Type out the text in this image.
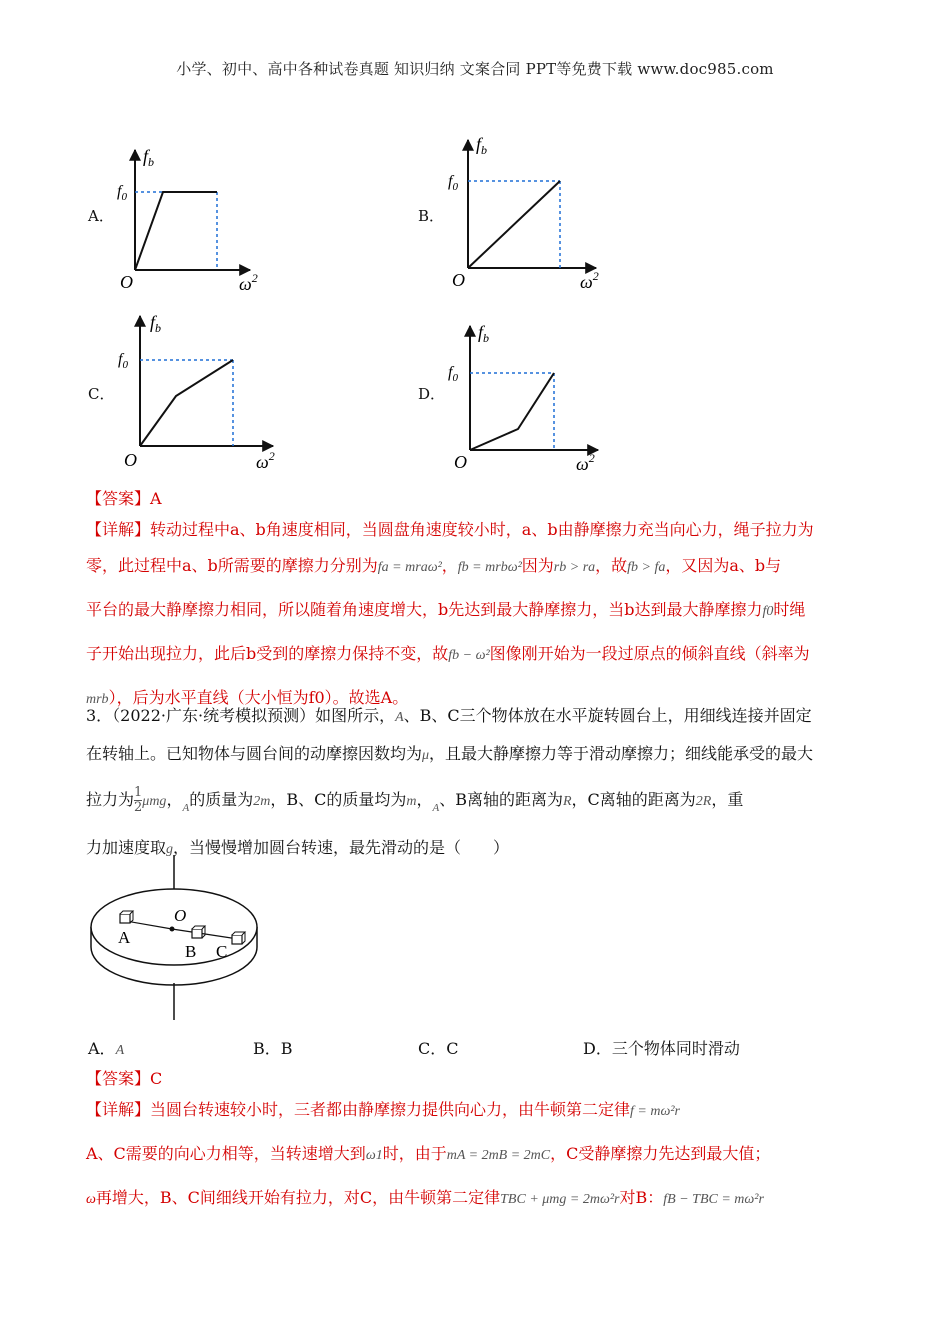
小学、初中、高中各种试卷真题 知识归纳 文案合同 PPT等免费下载 www.doc985.com
A．
$f_b$
$f_0$
O	$\omega^2$
B．
$f_b$
$f_0$
O	$\omega^2$
C．
$f_b$
$f_0$
O	$\omega^2$
D．
$f_b$
$f_0$
O	$\omega^2$
【答案】A

【详解】转动过程中a、b角速度相同，当圆盘角速度较小时，a、b由静摩擦力充当向心力，绳子拉力为

零，此过程中a、b所需要的摩擦力分别为fa = mraω²，fb = mrbω²因为rb > ra，故fb > fa，又因为a、b与

平台的最大静摩擦力相同，所以随着角速度增大，b先达到最大静摩擦力，当b达到最大静摩擦力f0时绳

子开始出现拉力，此后b受到的摩擦力保持不变，故fb − ω²图像刚开始为一段过原点的倾斜直线（斜率为

mrb），后为水平直线（大小恒为f0）。故选A。

3．（2022·广东·统考模拟预测）如图所示，A、B、C三个物体放在水平旋转圆台上，用细线连接并固定

在转轴上。已知物体与圆台间的动摩擦因数均为μ，且最大静摩擦力等于滑动摩擦力；细线能承受的最大

拉力为 $\frac{1}{2}$ μmg，$_A$的质量为2m，B、C的质量均为m，$_A$、B离轴的距离为R，C离轴的距离为2R，重

力加速度取g，当慢慢增加圆台转速，最先滑动的是（　　）

O
A
B C
A．A	B．B	C．C	D．三个物体同时滑动
【答案】C

【详解】当圆台转速较小时，三者都由静摩擦力提供向心力，由牛顿第二定律f = mω²r

A、C需要的向心力相等，当转速增大到ω1时，由于mA = 2mB = 2mC，C受静摩擦力先达到最大值；

ω再增大，B、C间细线开始有拉力，对C，由牛顿第二定律TBC + μmg = 2mω²r对B：fB − TBC = mω²r
